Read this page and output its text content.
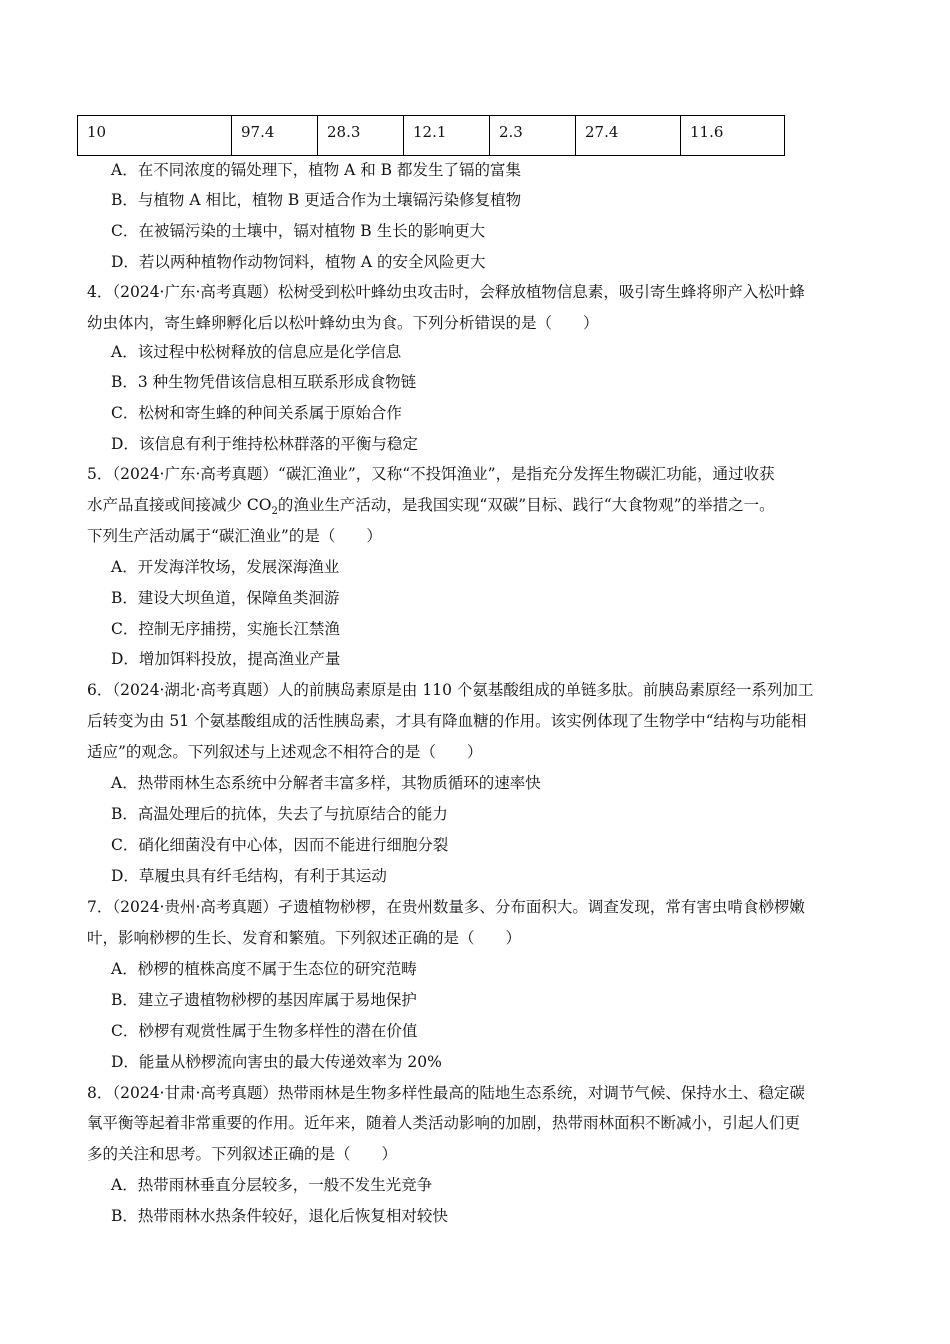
10	97.4	28.3	12.1	2.3	27.4	11.6
A．在不同浓度的镉处理下，植物 A 和 B 都发生了镉的富集
B．与植物 A 相比，植物 B 更适合作为土壤镉污染修复植物
C．在被镉污染的土壤中，镉对植物 B 生长的影响更大
D．若以两种植物作动物饲料，植物 A 的安全风险更大
4．（2024·广东·高考真题）松树受到松叶蜂幼虫攻击时，会释放植物信息素，吸引寄生蜂将卵产入松叶蜂
幼虫体内，寄生蜂卵孵化后以松叶蜂幼虫为食。下列分析错误的是（　　）
A．该过程中松树释放的信息应是化学信息
B．3 种生物凭借该信息相互联系形成食物链
C．松树和寄生蜂的种间关系属于原始合作
D．该信息有利于维持松林群落的平衡与稳定
5．（2024·广东·高考真题）“碳汇渔业”，又称“不投饵渔业”，是指充分发挥生物碳汇功能，通过收获
水产品直接或间接减少 $CO_2$的渔业生产活动，是我国实现“双碳”目标、践行“大食物观”的举措之一。
下列生产活动属于“碳汇渔业”的是（　　）
A．开发海洋牧场，发展深海渔业
B．建设大坝鱼道，保障鱼类洄游
C．控制无序捕捞，实施长江禁渔
D．增加饵料投放，提高渔业产量
6．（2024·湖北·高考真题）人的前胰岛素原是由 110 个氨基酸组成的单链多肽。前胰岛素原经一系列加工
后转变为由 51 个氨基酸组成的活性胰岛素，才具有降血糖的作用。该实例体现了生物学中“结构与功能相
适应”的观念。下列叙述与上述观念不相符合的是（　　）
A．热带雨林生态系统中分解者丰富多样，其物质循环的速率快
B．高温处理后的抗体，失去了与抗原结合的能力
C．硝化细菌没有中心体，因而不能进行细胞分裂
D．草履虫具有纤毛结构，有利于其运动
7．（2024·贵州·高考真题）孑遗植物桫椤，在贵州数量多、分布面积大。调查发现，常有害虫啃食桫椤嫩
叶，影响桫椤的生长、发育和繁殖。下列叙述正确的是（　　）
A．桫椤的植株高度不属于生态位的研究范畴
B．建立孑遗植物桫椤的基因库属于易地保护
C．桫椤有观赏性属于生物多样性的潜在价值
D．能量从桫椤流向害虫的最大传递效率为 20%
8．（2024·甘肃·高考真题）热带雨林是生物多样性最高的陆地生态系统，对调节气候、保持水土、稳定碳
氧平衡等起着非常重要的作用。近年来，随着人类活动影响的加剧，热带雨林面积不断减小，引起人们更
多的关注和思考。下列叙述正确的是（　　）
A．热带雨林垂直分层较多，一般不发生光竞争
B．热带雨林水热条件较好，退化后恢复相对较快
